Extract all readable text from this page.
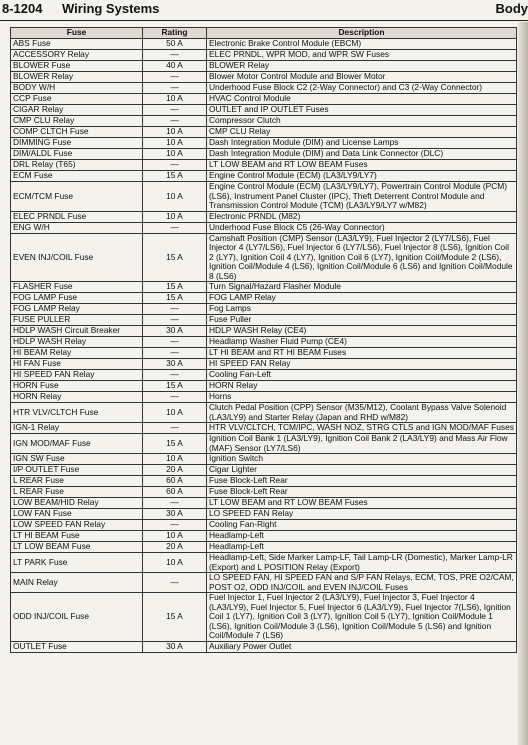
8-1204 Wiring Systems	Body
Fuse	Rating	Description
ABS Fuse	50 A	Electronic Brake Control Module (EBCM)
ACCESSORY Relay	—	ELEC PRNDL, WPR MOD, and WPR SW Fuses
BLOWER Fuse	40 A	BLOWER Relay
BLOWER Relay	—	Blower Motor Control Module and Blower Motor
BODY W/H	—	Underhood Fuse Block C2 (2-Way Connector) and C3 (2-Way Connector)
CCP Fuse	10 A	HVAC Control Module
CIGAR Relay	—	OUTLET and IP OUTLET Fuses
CMP CLU Relay	—	Compressor Clutch
COMP CLTCH Fuse	10 A	CMP CLU Relay
DIMMING Fuse	10 A	Dash Integration Module (DIM) and License Lamps
DIM/ALDL Fuse	10 A	Dash Integration Module (DIM) and Data Link Connector (DLC)
DRL Relay (T65)	—	LT LOW BEAM and RT LOW BEAM Fuses
ECM Fuse	15 A	Engine Control Module (ECM) (LA3/LY9/LY7)
ECM/TCM Fuse	10 A	Engine Control Module (ECM) (LA3/LY9/LY7), Powertrain Control Module (PCM) (LS6), Instrument Panel Cluster (IPC), Theft Deterrent Control Module and Transmission Control Module (TCM) (LA3/LY9/LY7 w/M82)
ELEC PRNDL Fuse	10 A	Electronic PRNDL (M82)
ENG W/H	—	Underhood Fuse Block C5 (26-Way Connector)
EVEN INJ/COIL Fuse	15 A	Camshaft Position (CMP) Sensor (LA3/LY9), Fuel Injector 2 (LY7/LS6), Fuel Injector 4 (LY7/LS6), Fuel Injector 6 (LY7/LS6), Fuel Injector 8 (LS6), Ignition Coil 2 (LY7), Ignition Coil 4 (LY7), Ignition Coil 6 (LY7), Ignition Coil/Module 2 (LS6), Ignition Coil/Module 4 (LS6), Ignition Coil/Module 6 (LS6) and Ignition Coil/Module 8 (LS6)
FLASHER Fuse	15 A	Turn Signal/Hazard Flasher Module
FOG LAMP Fuse	15 A	FOG LAMP Relay
FOG LAMP Relay	—	Fog Lamps
FUSE PULLER	—	Fuse Puller
HDLP WASH Circuit Breaker	30 A	HDLP WASH Relay (CE4)
HDLP WASH Relay	—	Headlamp Washer Fluid Pump (CE4)
HI BEAM Relay	—	LT HI BEAM and RT HI BEAM Fuses
HI FAN Fuse	30 A	HI SPEED FAN Relay
HI SPEED FAN Relay	—	Cooling Fan-Left
HORN Fuse	15 A	HORN Relay
HORN Relay	—	Horns
HTR VLV/CLTCH Fuse	10 A	Clutch Pedal Position (CPP) Sensor (M35/M12), Coolant Bypass Valve Solenoid (LA3/LY9) and Starter Relay (Japan and RHD w/M82)
IGN-1 Relay	—	HTR VLV/CLTCH, TCM/IPC, WASH NOZ, STRG CTLS and IGN MOD/MAF Fuses
IGN MOD/MAF Fuse	15 A	Ignition Coil Bank 1 (LA3/LY9), Ignition Coil Bank 2 (LA3/LY9) and Mass Air Flow (MAF) Sensor (LY7/LS6)
IGN SW Fuse	10 A	Ignition Switch
I/P OUTLET Fuse	20 A	Cigar Lighter
L REAR Fuse	60 A	Fuse Block-Left Rear
L REAR Fuse	60 A	Fuse Block-Left Rear
LOW BEAM/HID Relay	—	LT LOW BEAM and RT LOW BEAM Fuses
LOW FAN Fuse	30 A	LO SPEED FAN Relay
LOW SPEED FAN Relay	—	Cooling Fan-Right
LT HI BEAM Fuse	10 A	Headlamp-Left
LT LOW BEAM Fuse	20 A	Headlamp-Left
LT PARK Fuse	10 A	Headlamp-Left, Side Marker Lamp-LF, Tail Lamp-LR (Domestic), Marker Lamp-LR (Export) and L POSITION Relay (Export)
MAIN Relay	—	LO SPEED FAN, HI SPEED FAN and S/P FAN Relays, ECM, TOS, PRE O2/CAM, POST O2, ODD INJ/COIL and EVEN INJ/COIL Fuses
ODD INJ/COIL Fuse	15 A	Fuel Injector 1, Fuel Injector 2 (LA3/LY9), Fuel Injector 3, Fuel Injector 4 (LA3/LY9), Fuel Injector 5, Fuel Injector 6 (LA3/LY9), Fuel Injector 7(LS6), Ignition Coil 1 (LY7), Ignition Coil 3 (LY7), Ignition Coil 5 (LY7), Ignition Coil/Module 1 (LS6), Ignition Coil/Module 3 (LS6), Ignition Coil/Module 5 (LS6) and Ignition Coil/Module 7 (LS6)
OUTLET Fuse	30 A	Auxiliary Power Outlet
